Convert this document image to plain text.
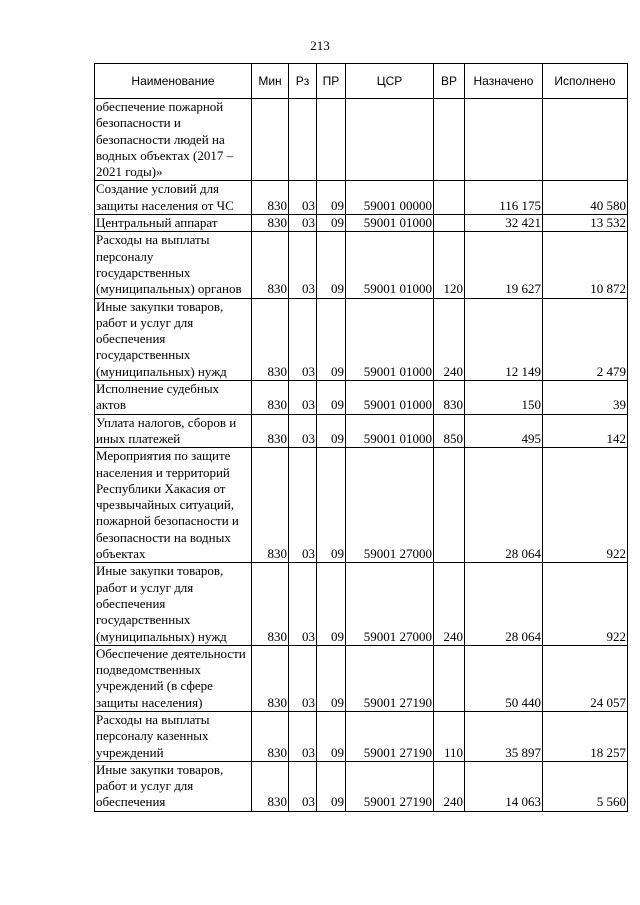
213
Наименование	Мин	Рз	ПР	ЦСР	ВР	Назначено	Исполнено
обеспечение пожарной безопасности и безопасности людей на водных объектах (2017 – 2021 годы)»							
Создание условий для защиты населения от ЧС	830	03	09	59001 00000		116 175	40 580
Центральный аппарат	830	03	09	59001 01000		32 421	13 532
Расходы на выплаты персоналу государственных (муниципальных) органов	830	03	09	59001 01000	120	19 627	10 872
Иные закупки товаров, работ и услуг для обеспечения государственных (муниципальных) нужд	830	03	09	59001 01000	240	12 149	2 479
Исполнение судебных актов	830	03	09	59001 01000	830	150	39
Уплата налогов, сборов и иных платежей	830	03	09	59001 01000	850	495	142
Мероприятия по защите населения и территорий Республики Хакасия от чрезвычайных ситуаций, пожарной безопасности и безопасности на водных объектах	830	03	09	59001 27000		28 064	922
Иные закупки товаров, работ и услуг для обеспечения государственных (муниципальных) нужд	830	03	09	59001 27000	240	28 064	922
Обеспечение деятельности подведомственных учреждений (в сфере защиты населения)	830	03	09	59001 27190		50 440	24 057
Расходы на выплаты персоналу казенных учреждений	830	03	09	59001 27190	110	35 897	18 257
Иные закупки товаров, работ и услуг для обеспечения	830	03	09	59001 27190	240	14 063	5 560
